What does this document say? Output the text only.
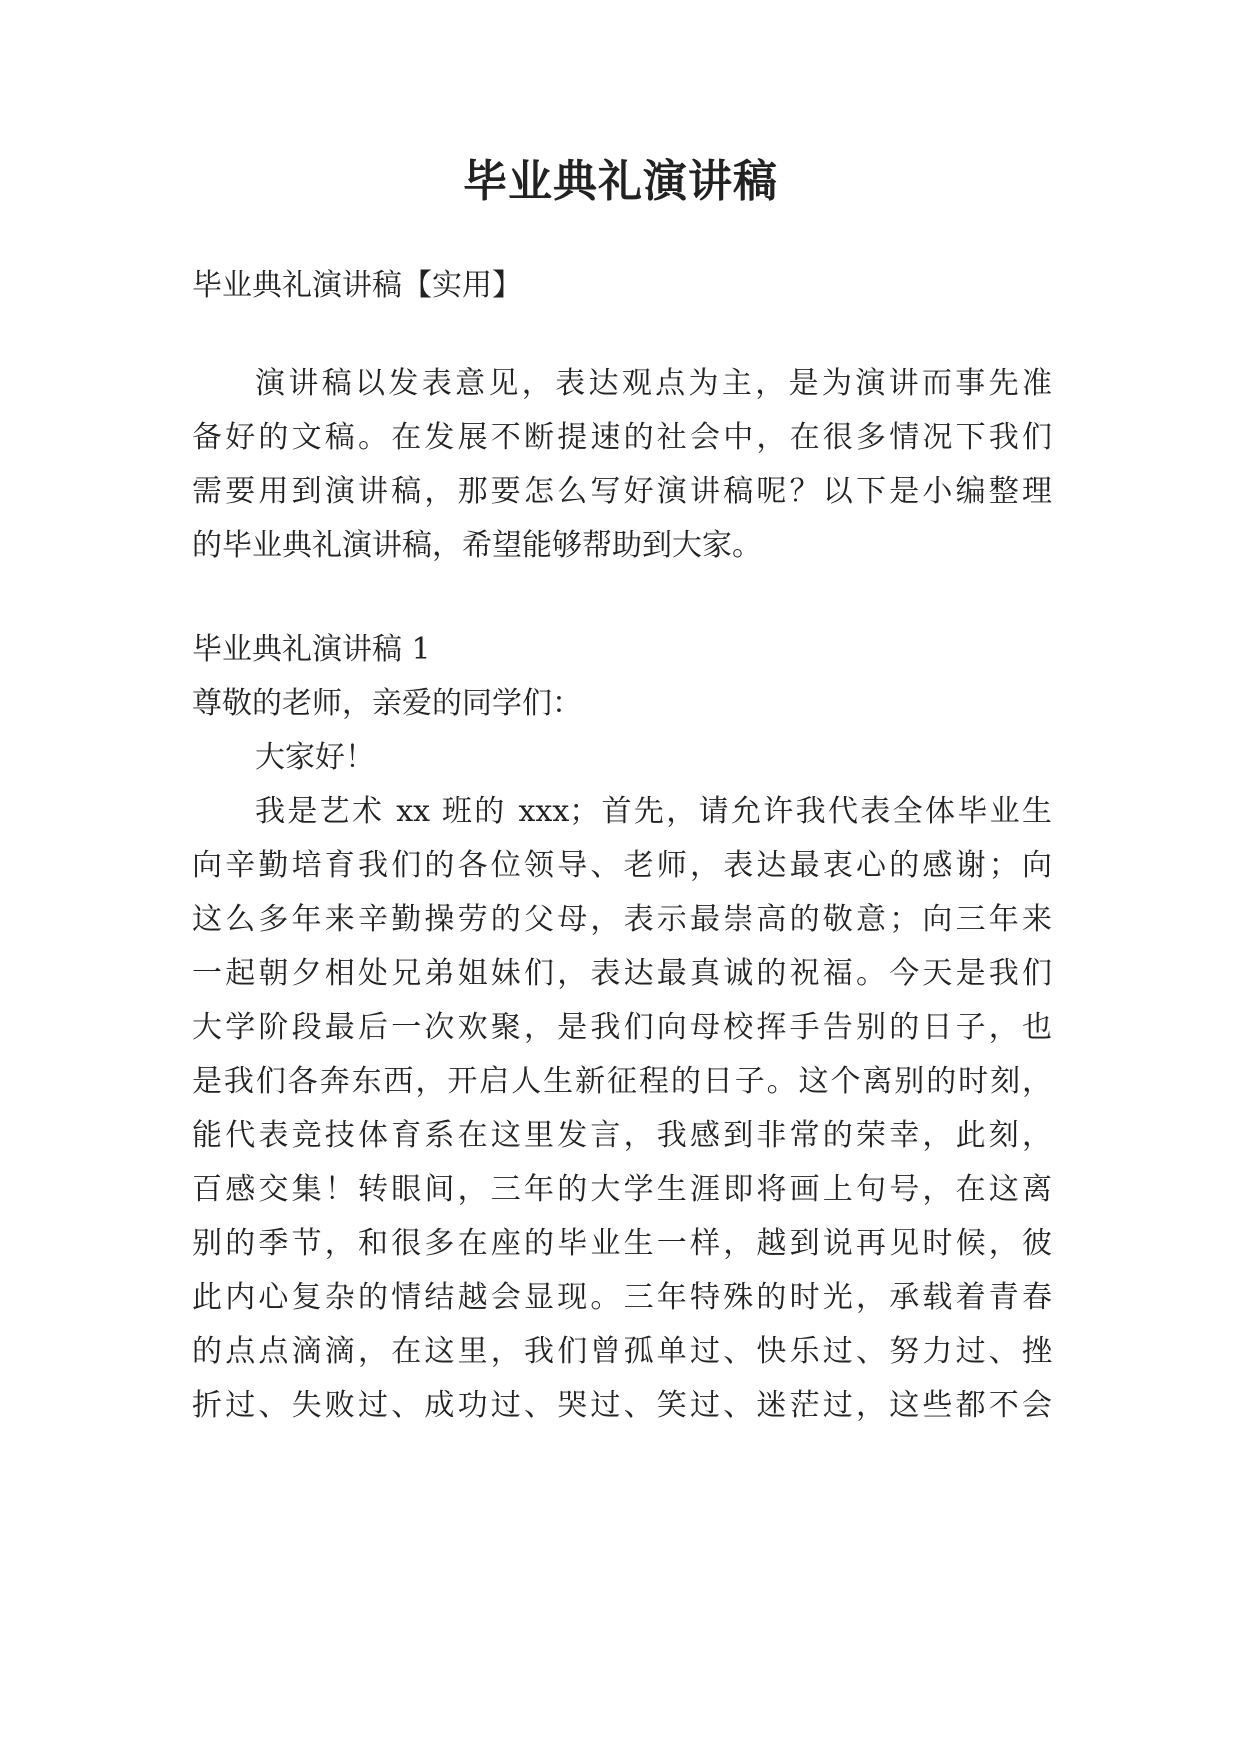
毕业典礼演讲稿
毕业典礼演讲稿【实用】
演讲稿以发表意见，表达观点为主，是为演讲而事先准
备好的文稿。在发展不断提速的社会中，在很多情况下我们
需要用到演讲稿，那要怎么写好演讲稿呢？以下是小编整理
的毕业典礼演讲稿，希望能够帮助到大家。
毕业典礼演讲稿 1
尊敬的老师，亲爱的同学们：
大家好！
我是艺术 xx 班的 xxx；首先，请允许我代表全体毕业生
向辛勤培育我们的各位领导、老师，表达最衷心的感谢；向
这么多年来辛勤操劳的父母，表示最崇高的敬意；向三年来
一起朝夕相处兄弟姐妹们，表达最真诚的祝福。今天是我们
大学阶段最后一次欢聚，是我们向母校挥手告别的日子，也
是我们各奔东西，开启人生新征程的日子。这个离别的时刻，
能代表竞技体育系在这里发言，我感到非常的荣幸，此刻，
百感交集！转眼间，三年的大学生涯即将画上句号，在这离
别的季节，和很多在座的毕业生一样，越到说再见时候，彼
此内心复杂的情结越会显现。三年特殊的时光，承载着青春
的点点滴滴，在这里，我们曾孤单过、快乐过、努力过、挫
折过、失败过、成功过、哭过、笑过、迷茫过，这些都不会
